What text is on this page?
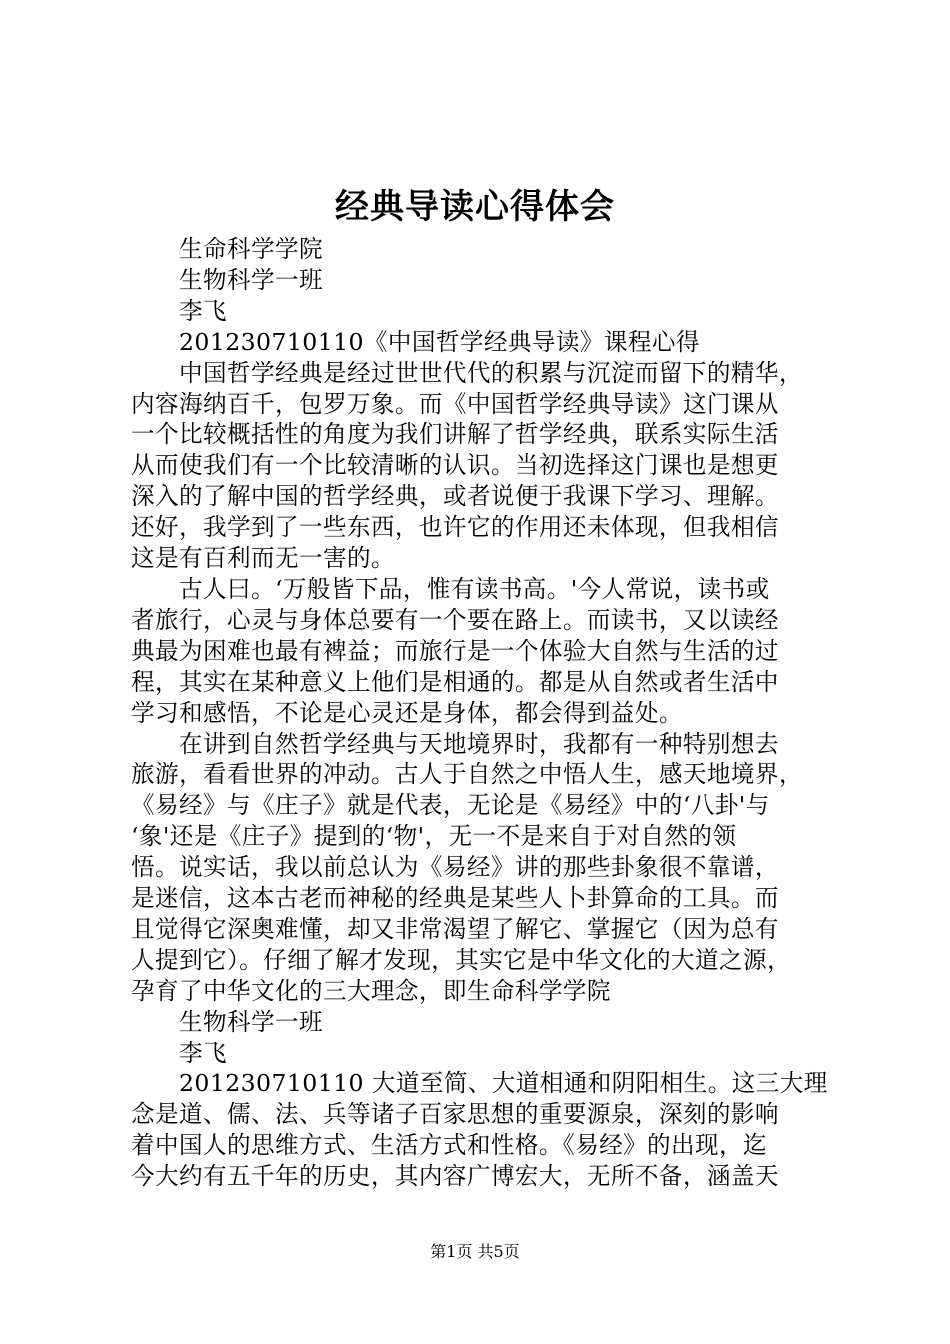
经典导读心得体会
生命科学学院
生物科学一班
李飞
201230710110《中国哲学经典导读》课程心得
中国哲学经典是经过世世代代的积累与沉淀而留下的精华，
内容海纳百千，包罗万象。而《中国哲学经典导读》这门课从
一个比较概括性的角度为我们讲解了哲学经典，联系实际生活
从而使我们有一个比较清晰的认识。当初选择这门课也是想更
深入的了解中国的哲学经典，或者说便于我课下学习、理解。
还好，我学到了一些东西，也许它的作用还未体现，但我相信
这是有百利而无一害的。
古人曰。‘万般皆下品，惟有读书高。'今人常说，读书或
者旅行，心灵与身体总要有一个要在路上。而读书，又以读经
典最为困难也最有裨益；而旅行是一个体验大自然与生活的过
程，其实在某种意义上他们是相通的。都是从自然或者生活中
学习和感悟，不论是心灵还是身体，都会得到益处。
在讲到自然哲学经典与天地境界时，我都有一种特别想去
旅游，看看世界的冲动。古人于自然之中悟人生，感天地境界，
《易经》与《庄子》就是代表，无论是《易经》中的‘八卦'与
‘象'还是《庄子》提到的‘物'，无一不是来自于对自然的领
悟。说实话，我以前总认为《易经》讲的那些卦象很不靠谱，
是迷信，这本古老而神秘的经典是某些人卜卦算命的工具。而
且觉得它深奥难懂，却又非常渴望了解它、掌握它（因为总有
人提到它）。仔细了解才发现，其实它是中华文化的大道之源，
孕育了中华文化的三大理念，即生命科学学院
生物科学一班
李飞
201230710110 大道至简、大道相通和阴阳相生。这三大理
念是道、儒、法、兵等诸子百家思想的重要源泉，深刻的影响
着中国人的思维方式、生活方式和性格。《易经》的出现，迄
今大约有五千年的历史，其内容广博宏大，无所不备，涵盖天
第1页 共5页
